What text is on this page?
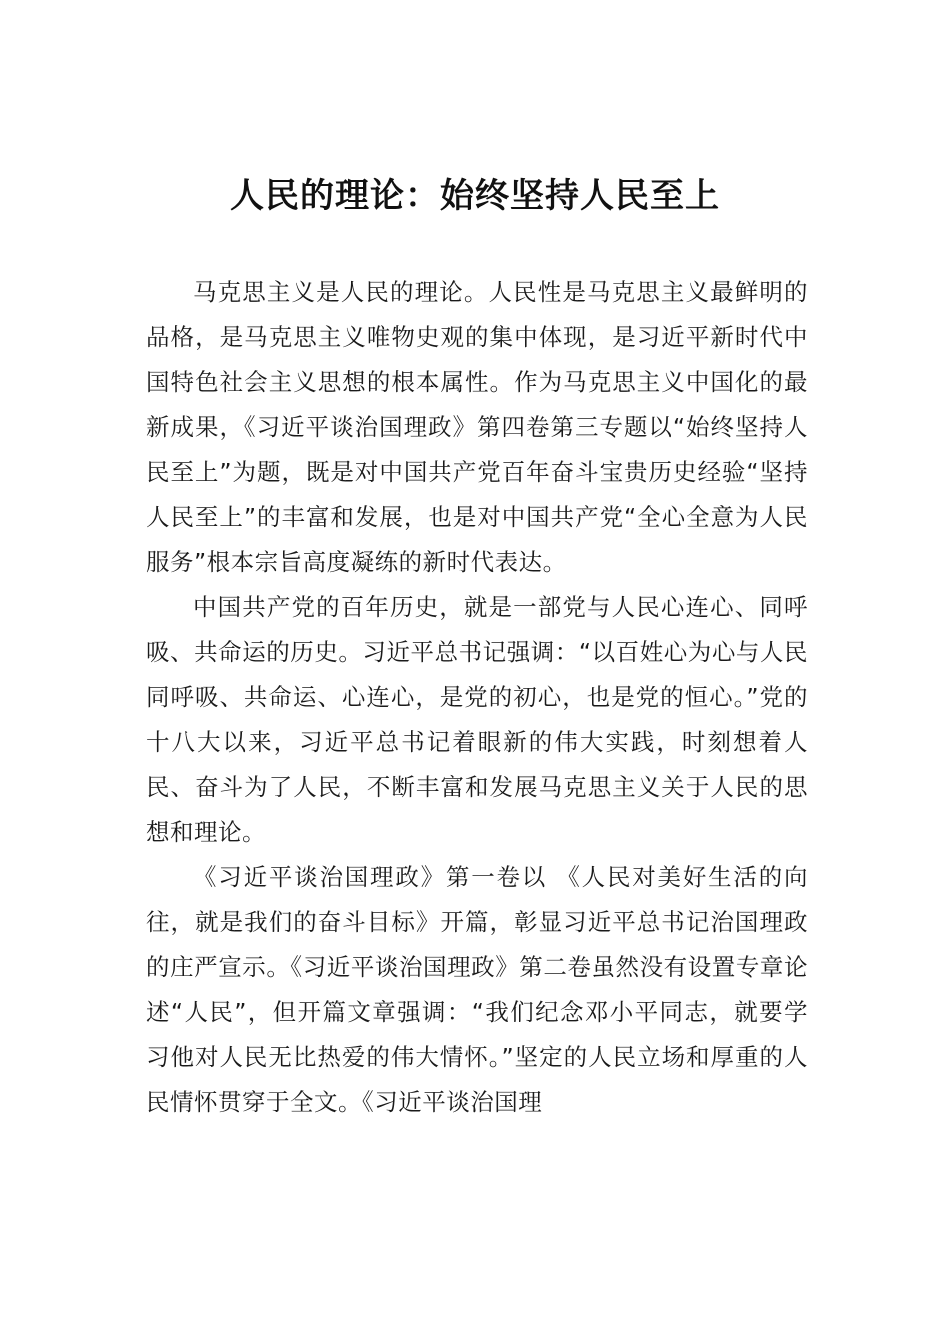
人民的理论：始终坚持人民至上

马克思主义是人民的理论。人民性是马克思主义最鲜明的品格，是马克思主义唯物史观的集中体现，是习近平新时代中国特色社会主义思想的根本属性。作为马克思主义中国化的最新成果，《习近平谈治国理政》第四卷第三专题以“始终坚持人民至上”为题，既是对中国共产党百年奋斗宝贵历史经验“坚持人民至上”的丰富和发展，也是对中国共产党“全心全意为人民服务”根本宗旨高度凝练的新时代表达。

中国共产党的百年历史，就是一部党与人民心连心、同呼吸、共命运的历史。习近平总书记强调：“以百姓心为心与人民同呼吸、共命运、心连心，是党的初心，也是党的恒心。”党的十八大以来，习近平总书记着眼新的伟大实践，时刻想着人民、奋斗为了人民，不断丰富和发展马克思主义关于人民的思想和理论。

《习近平谈治国理政》第一卷以 《人民对美好生活的向往，就是我们的奋斗目标》开篇，彰显习近平总书记治国理政的庄严宣示。《习近平谈治国理政》第二卷虽然没有设置专章论述“人民”，但开篇文章强调：“我们纪念邓小平同志，就要学习他对人民无比热爱的伟大情怀。”坚定的人民立场和厚重的人民情怀贯穿于全文。《习近平谈治国理
